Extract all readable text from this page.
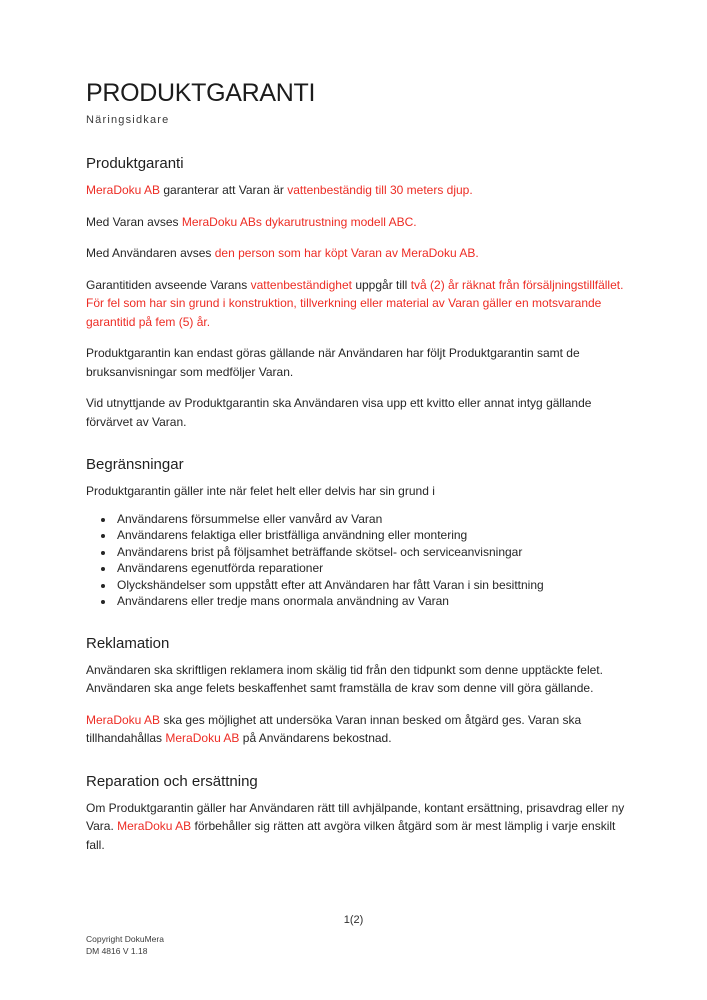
PRODUKTGARANTI
Näringsidkare
Produktgaranti

MeraDoku AB garanterar att Varan är vattenbeständig till 30 meters djup.

Med Varan avses MeraDoku ABs dykarutrustning modell ABC.

Med Användaren avses den person som har köpt Varan av MeraDoku AB.

Garantitiden avseende Varans vattenbeständighet uppgår till två (2) år räknat från försäljningstillfället. För fel som har sin grund i konstruktion, tillverkning eller material av Varan gäller en motsvarande garantitid på fem (5) år.

Produktgarantin kan endast göras gällande när Användaren har följt Produktgarantin samt de bruksanvisningar som medföljer Varan.

Vid utnyttjande av Produktgarantin ska Användaren visa upp ett kvitto eller annat intyg gällande förvärvet av Varan.

Begränsningar

Produktgarantin gäller inte när felet helt eller delvis har sin grund i

• Användarens försummelse eller vanvård av Varan
• Användarens felaktiga eller bristfälliga användning eller montering
• Användarens brist på följsamhet beträffande skötsel- och serviceanvisningar
• Användarens egenutförda reparationer
• Olyckshändelser som uppstått efter att Användaren har fått Varan i sin besittning
• Användarens eller tredje mans onormala användning av Varan
Reklamation

Användaren ska skriftligen reklamera inom skälig tid från den tidpunkt som denne upptäckte felet. Användaren ska ange felets beskaffenhet samt framställa de krav som denne vill göra gällande.

MeraDoku AB ska ges möjlighet att undersöka Varan innan besked om åtgärd ges. Varan ska tillhandahållas MeraDoku AB på Användarens bekostnad.

Reparation och ersättning

Om Produktgarantin gäller har Användaren rätt till avhjälpande, kontant ersättning, prisavdrag eller ny Vara. MeraDoku AB förbehåller sig rätten att avgöra vilken åtgärd som är mest lämplig i varje enskilt fall.

1(2)
Copyright DokuMera
DM 4816 V 1.18
